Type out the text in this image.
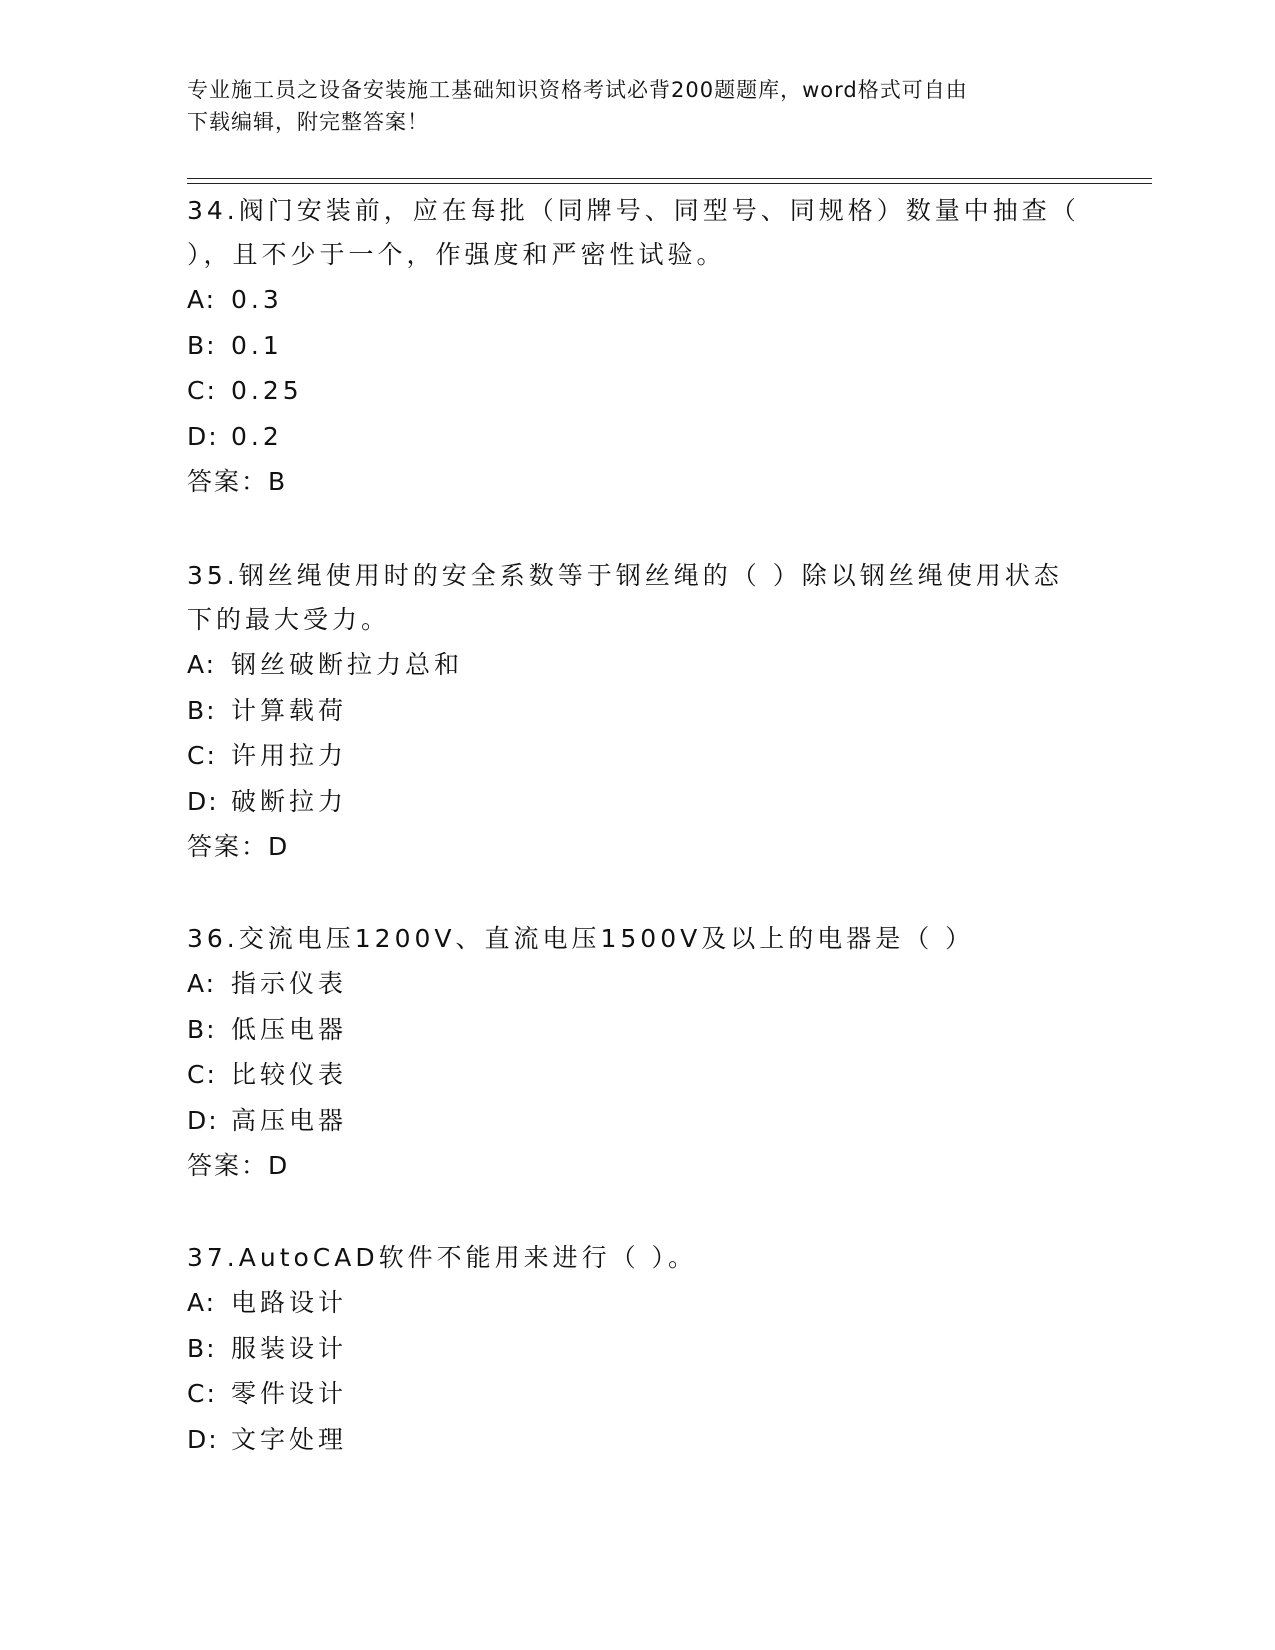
专业施工员之设备安装施工基础知识资格考试必背200题题库，word格式可自由
下载编辑，附完整答案！

34.阀门安装前，应在每批（同牌号、同型号、同规格）数量中抽查（

），且不少于一个，作强度和严密性试验。

A: 0.3

B: 0.1

C: 0.25

D: 0.2

答案：B

35.钢丝绳使用时的安全系数等于钢丝绳的（ ）除以钢丝绳使用状态

下的最大受力。

A: 钢丝破断拉力总和

B: 计算载荷

C: 许用拉力

D: 破断拉力

答案：D

36.交流电压1200V、直流电压1500V及以上的电器是（ ）

A: 指示仪表

B: 低压电器

C: 比较仪表

D: 高压电器

答案：D

37.AutoCAD软件不能用来进行（ ）。

A: 电路设计

B: 服装设计

C: 零件设计

D: 文字处理
